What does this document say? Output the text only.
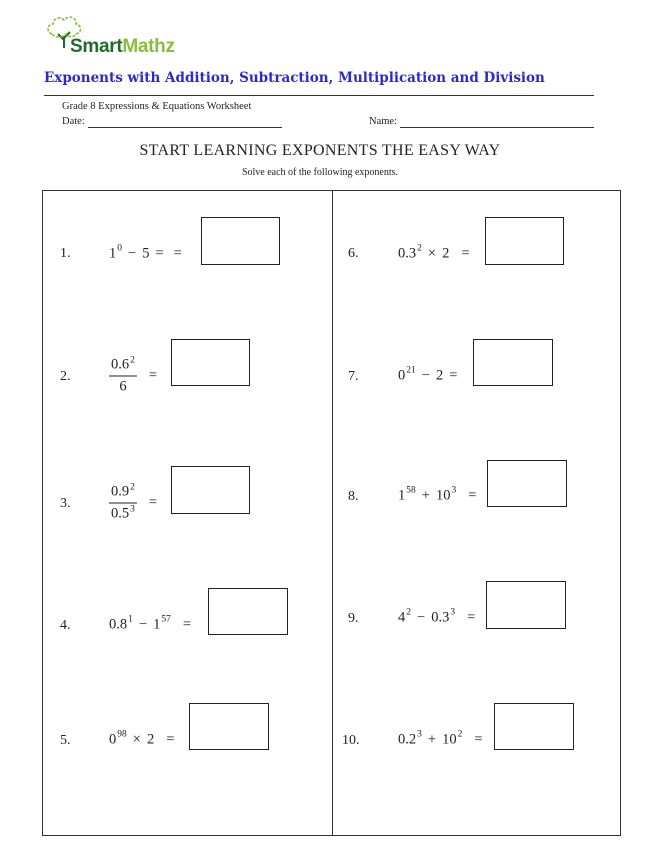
SmartMathz
Exponents with Addition, Subtraction, Multiplication and Division
Grade 8 Expressions & Equations Worksheet
Date:	Name:
START LEARNING EXPONENTS THE EASY WAY
Solve each of the following exponents.
1.	$1^0 - 5$ = =
2.	$\frac{0.6^2}{6}$ =
3.	$\frac{0.9^2}{0.5^3}$ =
4.	$0.8^1 - 1^{57}$ =
5.	$0^{98} \times 2$ =
6.	$0.3^2 \times 2$ =
7.	$0^{21} - 2$ =
8.	$1^{58} + 10^3$ =
9.	$4^2 - 0.3^3$ =
10.	$0.2^3 + 10^2$ =
